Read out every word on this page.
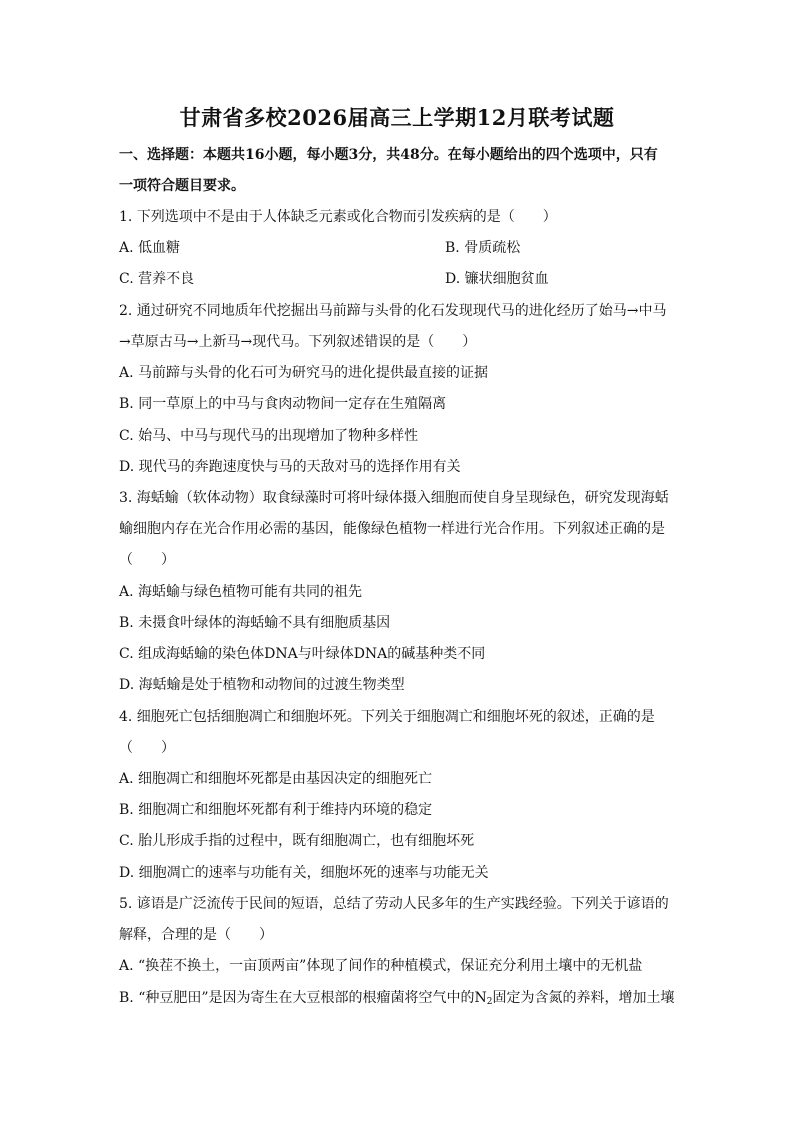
甘肃省多校2026届高三上学期12月联考试题
一、选择题：本题共16小题，每小题3分，共48分。在每小题给出的四个选项中，只有
一项符合题目要求。
1. 下列选项中不是由于人体缺乏元素或化合物而引发疾病的是（　　）
A. 低血糖	B. 骨质疏松
C. 营养不良	D. 镰状细胞贫血
2. 通过研究不同地质年代挖掘出马前蹄与头骨的化石发现现代马的进化经历了始马→中马
→草原古马→上新马→现代马。下列叙述错误的是（　　）
A. 马前蹄与头骨的化石可为研究马的进化提供最直接的证据
B. 同一草原上的中马与食肉动物间一定存在生殖隔离
C. 始马、中马与现代马的出现增加了物种多样性
D. 现代马的奔跑速度快与马的天敌对马的选择作用有关
3. 海蛞蝓（软体动物）取食绿藻时可将叶绿体摄入细胞而使自身呈现绿色，研究发现海蛞
蝓细胞内存在光合作用必需的基因，能像绿色植物一样进行光合作用。下列叙述正确的是
（　　）
A. 海蛞蝓与绿色植物可能有共同的祖先
B. 未摄食叶绿体的海蛞蝓不具有细胞质基因
C. 组成海蛞蝓的染色体DNA与叶绿体DNA的碱基种类不同
D. 海蛞蝓是处于植物和动物间的过渡生物类型
4. 细胞死亡包括细胞凋亡和细胞坏死。下列关于细胞凋亡和细胞坏死的叙述，正确的是
（　　）
A. 细胞凋亡和细胞坏死都是由基因决定的细胞死亡
B. 细胞凋亡和细胞坏死都有利于维持内环境的稳定
C. 胎儿形成手指的过程中，既有细胞凋亡，也有细胞坏死
D. 细胞凋亡的速率与功能有关，细胞坏死的速率与功能无关
5. 谚语是广泛流传于民间的短语，总结了劳动人民多年的生产实践经验。下列关于谚语的
解释，合理的是（　　）
A. “换茬不换土，一亩顶两亩”体现了间作的种植模式，保证充分利用土壤中的无机盐
B. “种豆肥田”是因为寄生在大豆根部的根瘤菌将空气中的$N_2$固定为含氮的养料，增加土壤
